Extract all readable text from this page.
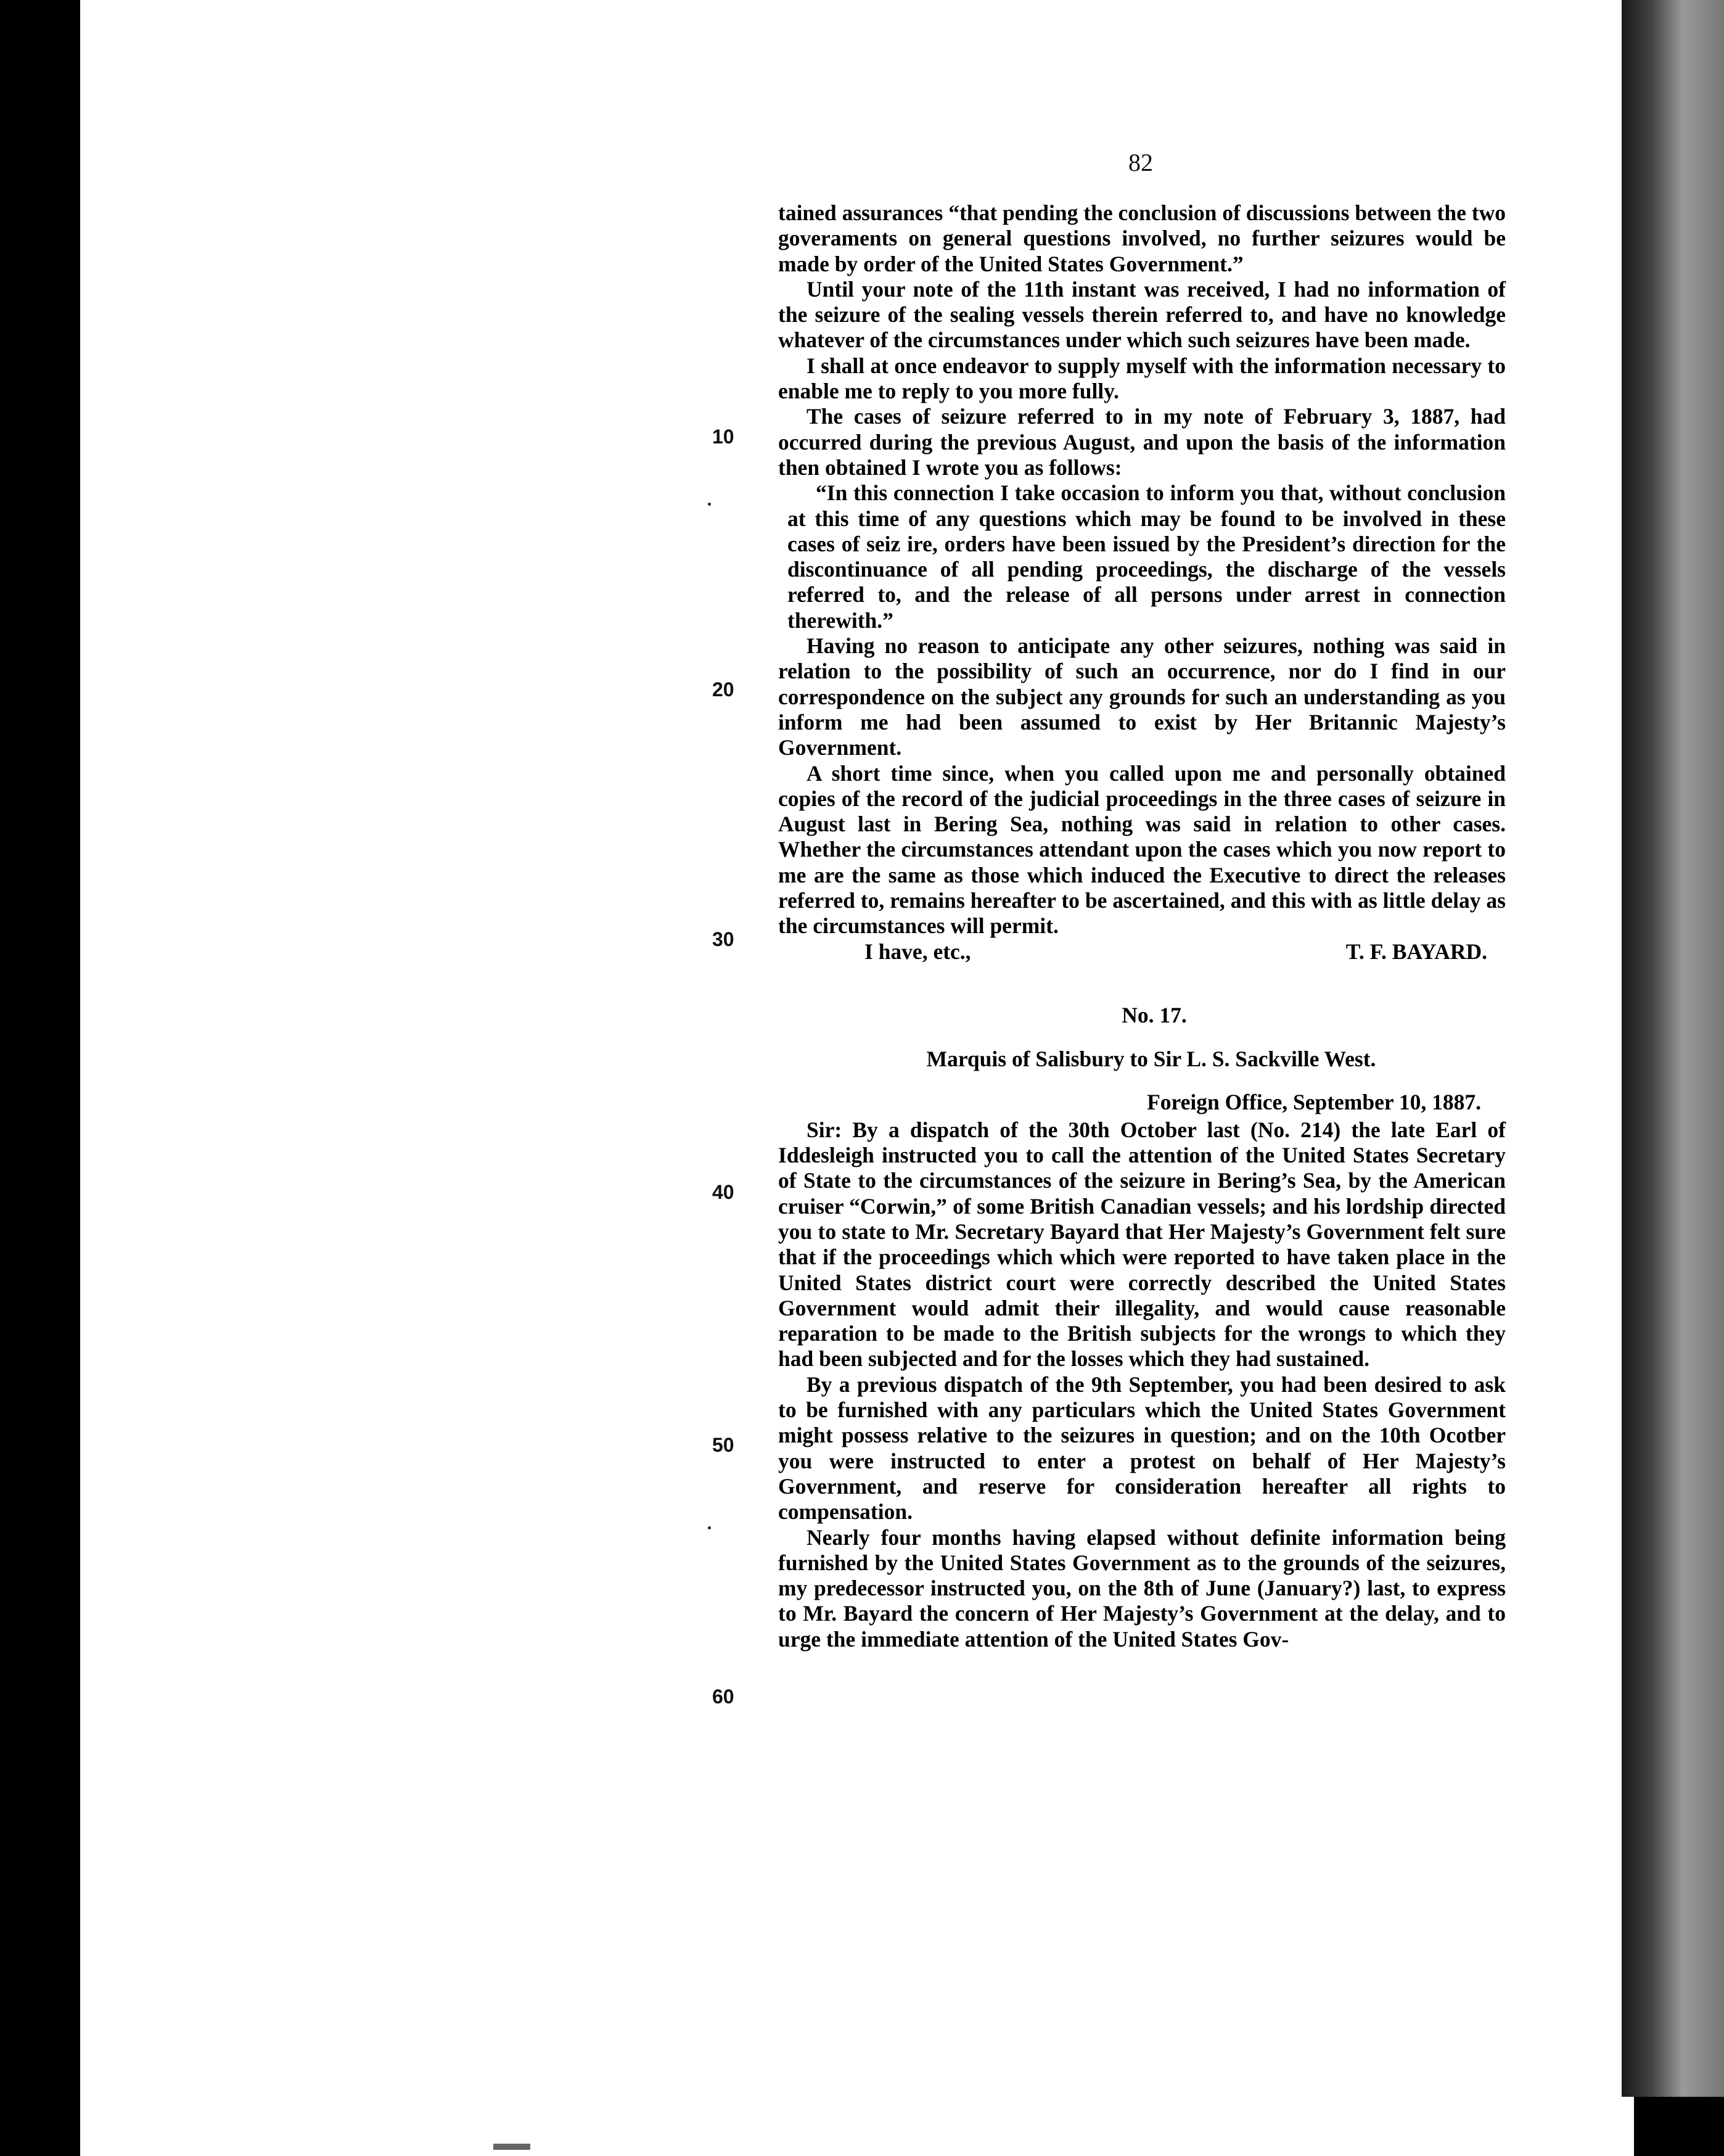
82
10
20
30
40
50
60

tained assurances “that pending the conclusion of discussions between the two goveraments on general questions involved, no further seizures would be made by order of the United States Government.”

Until your note of the 11th instant was received, I had no information of the seizure of the sealing vessels therein referred to, and have no knowledge whatever of the circumstances under which such seizures have been made.

I shall at once endeavor to supply myself with the information necessary to enable me to reply to you more fully.

The cases of seizure referred to in my note of February 3, 1887, had occurred during the previous August, and upon the basis of the information then obtained I wrote you as follows:

“In this connection I take occasion to inform you that, without conclusion at this time of any questions which may be found to be involved in these cases of seiz ire, orders have been issued by the President’s direction for the discontinuance of all pending proceedings, the discharge of the vessels referred to, and the release of all persons under arrest in connection therewith.”

Having no reason to anticipate any other seizures, nothing was said in relation to the possibility of such an occurrence, nor do I find in our correspondence on the subject any grounds for such an understanding as you inform me had been assumed to exist by Her Britannic Majesty’s Government.

A short time since, when you called upon me and personally obtained copies of the record of the judicial proceedings in the three cases of seizure in August last in Bering Sea, nothing was said in relation to other cases. Whether the circumstances attendant upon the cases which you now report to me are the same as those which induced the Executive to direct the releases referred to, remains hereafter to be ascertained, and this with as little delay as the circumstances will permit.

I have, etc.,	T. F. BAYARD.

No. 17.

Marquis of Salisbury to Sir L. S. Sackville West.

Foreign Office, September 10, 1887.

Sir: By a dispatch of the 30th October last (No. 214) the late Earl of Iddesleigh instructed you to call the attention of the United States Secretary of State to the circumstances of the seizure in Bering’s Sea, by the American cruiser “Corwin,” of some British Canadian vessels; and his lordship directed you to state to Mr. Secretary Bayard that Her Majesty’s Government felt sure that if the proceedings which which were reported to have taken place in the United States district court were correctly described the United States Government would admit their illegality, and would cause reasonable reparation to be made to the British subjects for the wrongs to which they had been subjected and for the losses which they had sustained.

By a previous dispatch of the 9th September, you had been desired to ask to be furnished with any particulars which the United States Government might possess relative to the seizures in question; and on the 10th Ocotber you were instructed to enter a protest on behalf of Her Majesty’s Government, and reserve for consideration hereafter all rights to compensation.

Nearly four months having elapsed without definite information being furnished by the United States Government as to the grounds of the seizures, my predecessor instructed you, on the 8th of June (January?) last, to express to Mr. Bayard the concern of Her Majesty’s Government at the delay, and to urge the immediate attention of the United States Gov-
